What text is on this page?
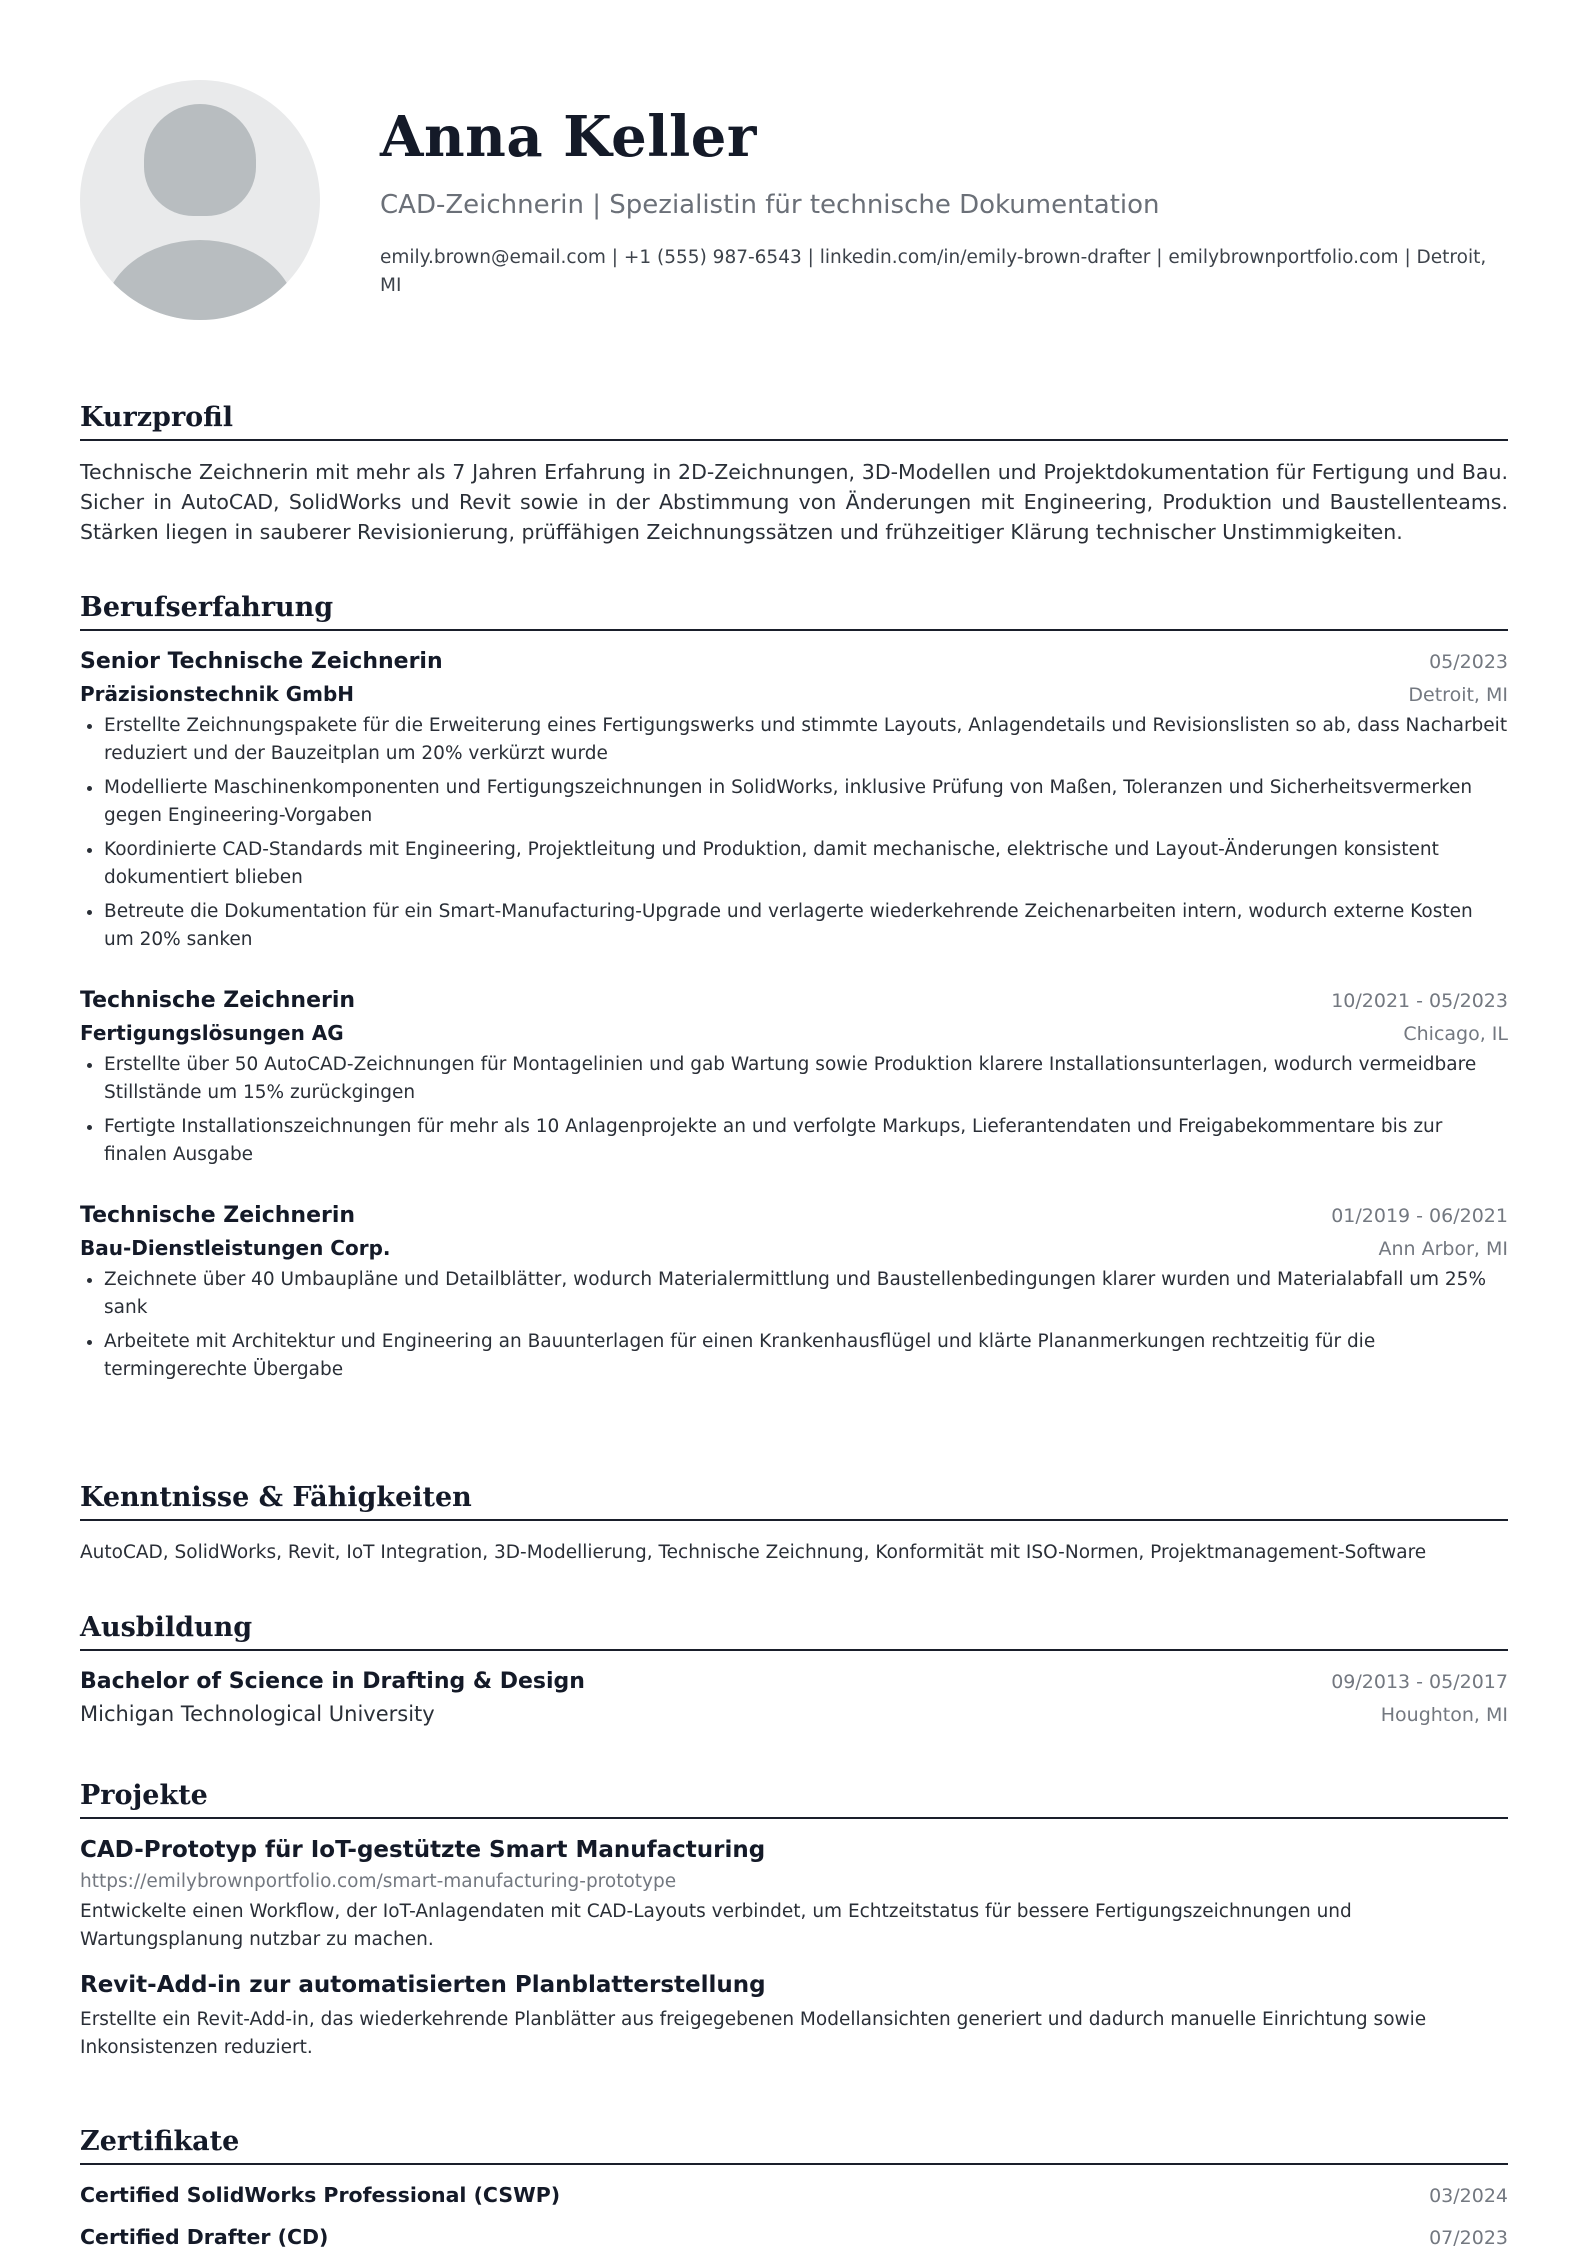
Anna Keller
CAD-Zeichnerin | Spezialistin für technische Dokumentation
emily.brown@email.com | +1 (555) 987-6543 | linkedin.com/in/emily-brown-drafter | emilybrownportfolio.com | Detroit, MI
Kurzprofil
Technische Zeichnerin mit mehr als 7 Jahren Erfahrung in 2D-Zeichnungen, 3D-Modellen und Projektdokumentation für Fertigung und Bau. Sicher in AutoCAD, SolidWorks und Revit sowie in der Abstimmung von Änderungen mit Engineering, Produktion und Baustellenteams. Stärken liegen in sauberer Revisionierung, prüffähigen Zeichnungssätzen und frühzeitiger Klärung technischer Unstimmigkeiten.
Berufserfahrung
Senior Technische Zeichnerin	05/2023
Präzisionstechnik GmbH	Detroit, MI
• Erstellte Zeichnungspakete für die Erweiterung eines Fertigungswerks und stimmte Layouts, Anlagendetails und Revisionslisten so ab, dass Nacharbeit reduziert und der Bauzeitplan um 20% verkürzt wurde
• Modellierte Maschinenkomponenten und Fertigungszeichnungen in SolidWorks, inklusive Prüfung von Maßen, Toleranzen und Sicherheitsvermerken gegen Engineering-Vorgaben
• Koordinierte CAD-Standards mit Engineering, Projektleitung und Produktion, damit mechanische, elektrische und Layout-Änderungen konsistent dokumentiert blieben
• Betreute die Dokumentation für ein Smart-Manufacturing-Upgrade und verlagerte wiederkehrende Zeichenarbeiten intern, wodurch externe Kosten um 20% sanken
Technische Zeichnerin	10/2021 - 05/2023
Fertigungslösungen AG	Chicago, IL
• Erstellte über 50 AutoCAD-Zeichnungen für Montagelinien und gab Wartung sowie Produktion klarere Installationsunterlagen, wodurch vermeidbare Stillstände um 15% zurückgingen
• Fertigte Installationszeichnungen für mehr als 10 Anlagenprojekte an und verfolgte Markups, Lieferantendaten und Freigabekommentare bis zur finalen Ausgabe
Technische Zeichnerin	01/2019 - 06/2021
Bau-Dienstleistungen Corp.	Ann Arbor, MI
• Zeichnete über 40 Umbaupläne und Detailblätter, wodurch Materialermittlung und Baustellenbedingungen klarer wurden und Materialabfall um 25% sank
• Arbeitete mit Architektur und Engineering an Bauunterlagen für einen Krankenhausflügel und klärte Plananmerkungen rechtzeitig für die termingerechte Übergabe
Kenntnisse & Fähigkeiten
AutoCAD, SolidWorks, Revit, IoT Integration, 3D-Modellierung, Technische Zeichnung, Konformität mit ISO-Normen, Projektmanagement-Software
Ausbildung
Bachelor of Science in Drafting & Design	09/2013 - 05/2017
Michigan Technological University	Houghton, MI
Projekte
CAD-Prototyp für IoT-gestützte Smart Manufacturing
https://emilybrownportfolio.com/smart-manufacturing-prototype
Entwickelte einen Workflow, der IoT-Anlagendaten mit CAD-Layouts verbindet, um Echtzeitstatus für bessere Fertigungszeichnungen und Wartungsplanung nutzbar zu machen.
Revit-Add-in zur automatisierten Planblatterstellung
Erstellte ein Revit-Add-in, das wiederkehrende Planblätter aus freigegebenen Modellansichten generiert und dadurch manuelle Einrichtung sowie Inkonsistenzen reduziert.
Zertifikate
Certified SolidWorks Professional (CSWP)	03/2024
Certified Drafter (CD)	07/2023
